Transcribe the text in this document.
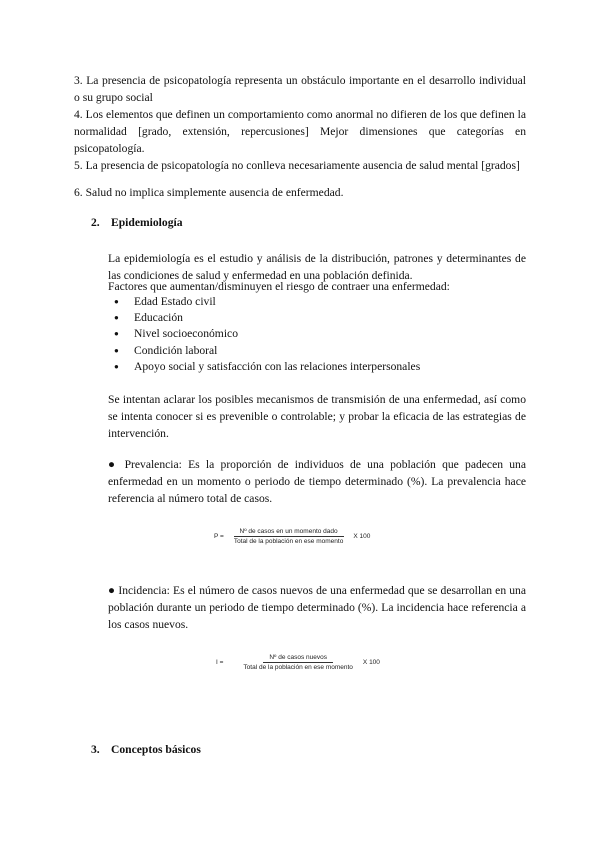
3. La presencia de psicopatología representa un obstáculo importante en el desarrollo individual o su grupo social

4. Los elementos que definen un comportamiento como anormal no difieren de los que definen la normalidad [grado, extensión, repercusiones] Mejor dimensiones que categorías en psicopatología.

5. La presencia de psicopatología no conlleva necesariamente ausencia de salud mental [grados]

6. Salud no implica simplemente ausencia de enfermedad.

2. Epidemiología

La epidemiología es el estudio y análisis de la distribución, patrones y determinantes de las condiciones de salud y enfermedad en una población definida.

Factores que aumentan/disminuyen el riesgo de contraer una enfermedad:

● Edad Estado civil
● Educación
● Nivel socioeconómico
● Condición laboral
● Apoyo social y satisfacción con las relaciones interpersonales

Se intentan aclarar los posibles mecanismos de transmisión de una enfermedad, así como se intenta conocer si es prevenible o controlable; y probar la eficacia de las estrategias de intervención.

● Prevalencia: Es la proporción de individuos de una población que padecen una enfermedad en un momento o periodo de tiempo determinado (%). La prevalencia hace referencia al número total de casos.

$P = \frac{\text{Nº de casos en un momento dado}}{\text{Total de la población en ese momento}}$ X 100

● Incidencia: Es el número de casos nuevos de una enfermedad que se desarrollan en una población durante un periodo de tiempo determinado (%). La incidencia hace referencia a los casos nuevos.

$I = \frac{\text{Nº de casos nuevos}}{\text{Total de la población en ese momento}}$ X 100
3. Conceptos básicos
